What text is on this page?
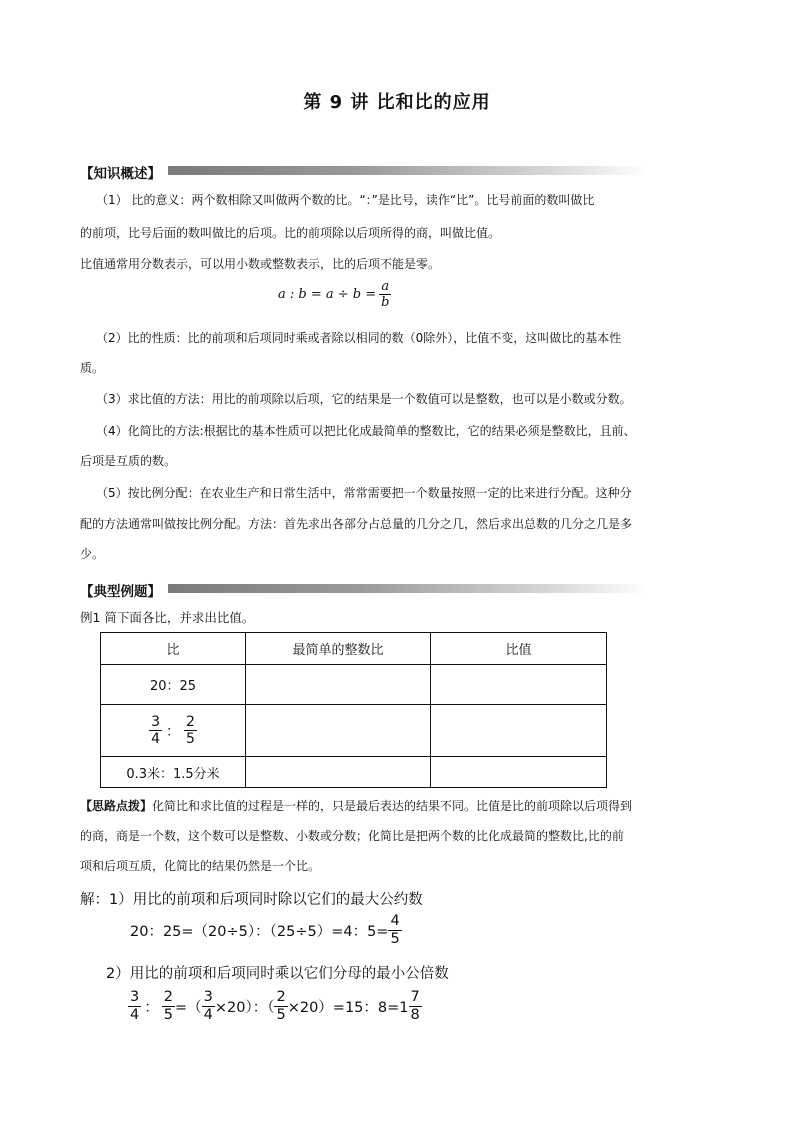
第 9 讲 比和比的应用
【知识概述】
（1） 比的意义：两个数相除又叫做两个数的比。“：”是比号，读作“比”。比号前面的数叫做比
的前项，比号后面的数叫做比的后项。比的前项除以后项所得的商，叫做比值。
比值通常用分数表示，可以用小数或整数表示，比的后项不能是零。
a : $b = a \div b = \frac{a}{b}$
（2）比的性质：比的前项和后项同时乘或者除以相同的数（0除外），比值不变，这叫做比的基本性
质。
（3）求比值的方法：用比的前项除以后项，它的结果是一个数值可以是整数，也可以是小数或分数。
（4）化简比的方法:根据比的基本性质可以把比化成最简单的整数比，它的结果必须是整数比，且前、
后项是互质的数。
（5）按比例分配：在农业生产和日常生活中，常常需要把一个数量按照一定的比来进行分配。这种分
配的方法通常叫做按比例分配。方法：首先求出各部分占总量的几分之几，然后求出总数的几分之几是多
少。
【典型例题】
例1 简下面各比，并求出比值。
比	最简单的整数比	比值
20：25		

$\frac{3}{4}$ ： $\frac{2}{5}$

0.3米：1.5分米		
【思路点拨】化简比和求比值的过程是一样的，只是最后表达的结果不同。比值是比的前项除以后项得到
的商，商是一个数，这个数可以是整数、小数或分数；化简比是把两个数的比化成最简的整数比,比的前
项和后项互质，化简比的结果仍然是一个比。
解：1）用比的前项和后项同时除以它们的最大公约数
20：25=（20÷5）：（25÷5）=4：$5= \frac{4}{5}$
2）用比的前项和后项同时乘以它们分母的最小公倍数
$\frac{3}{4}$ ： $\frac{2}{5}$ =（ $\frac{3}{4} \times 20$）：（ $\frac{2}{5} \times 20)=15$：$8=1 \frac{7}{8}$
